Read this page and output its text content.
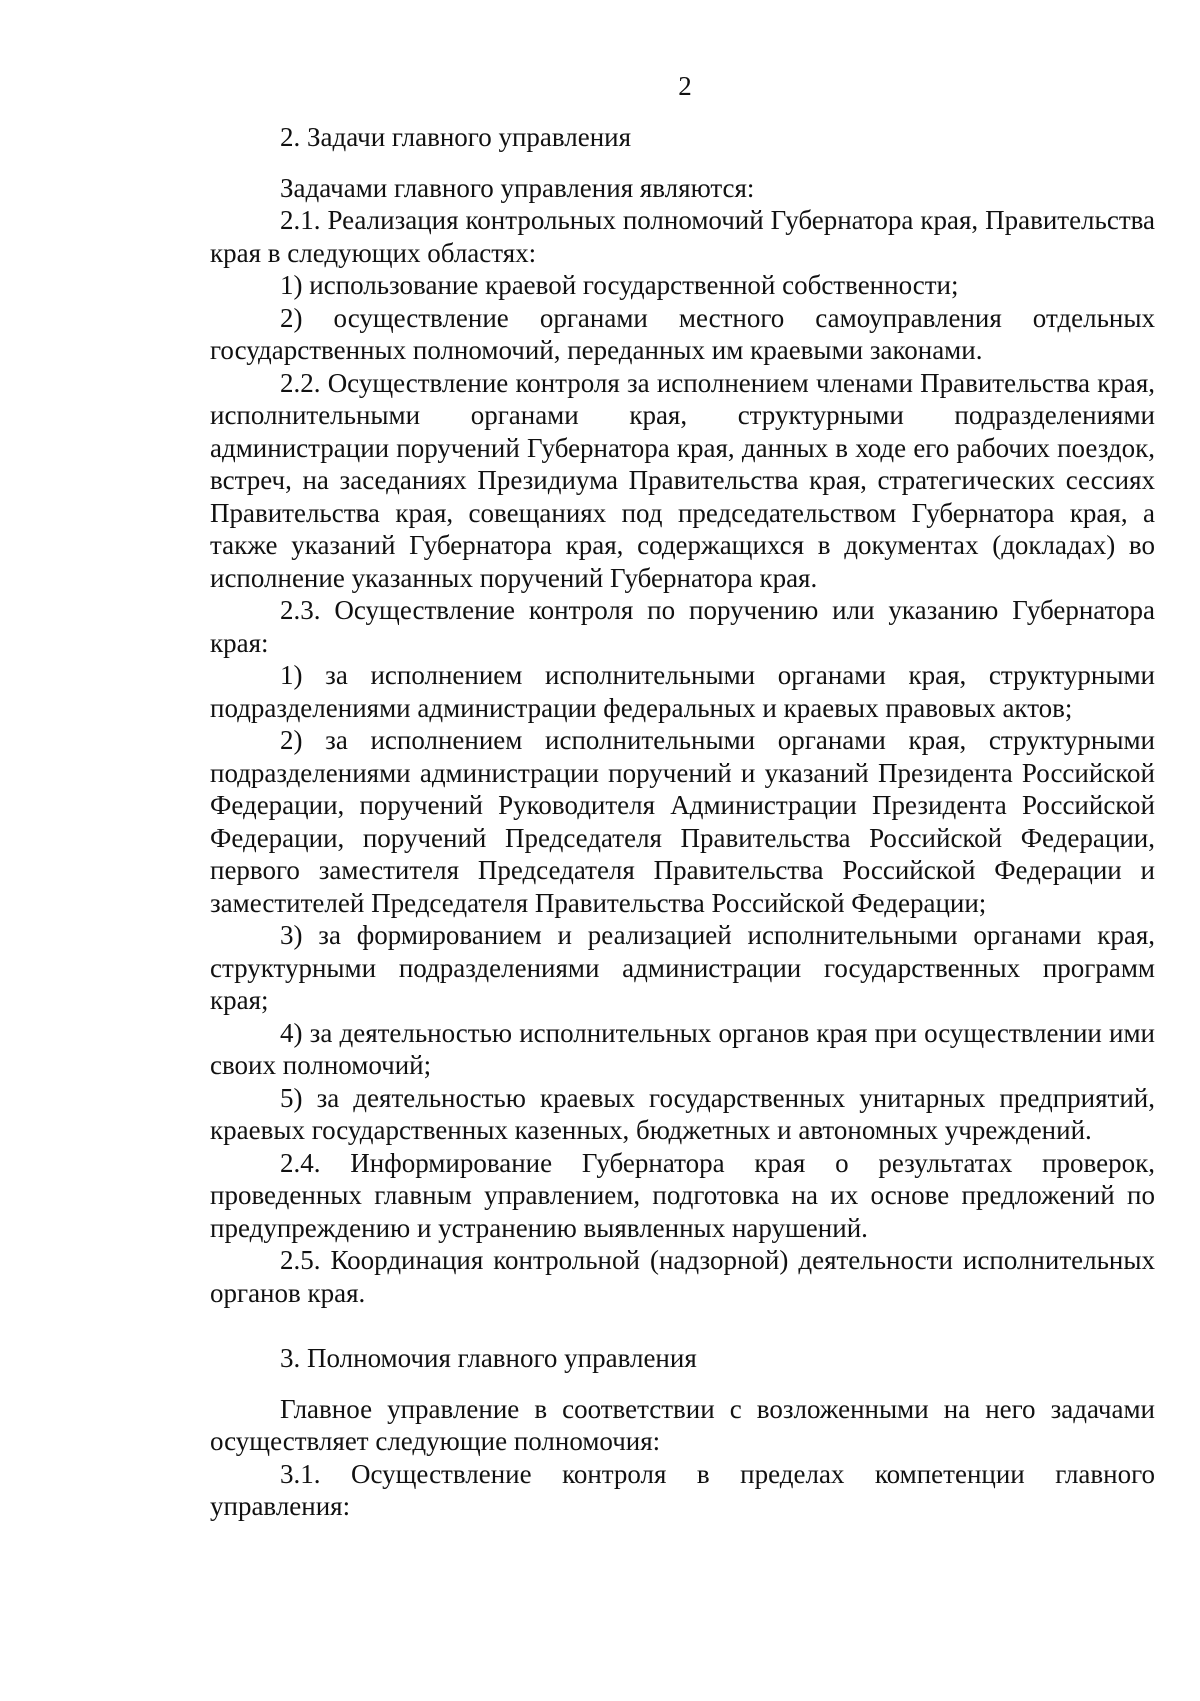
2

2. Задачи главного управления

Задачами главного управления являются:

2.1. Реализация контрольных полномочий Губернатора края, Правительства края в следующих областях:

1) использование краевой государственной собственности;

2) осуществление органами местного самоуправления отдельных государственных полномочий, переданных им краевыми законами.

2.2. Осуществление контроля за исполнением членами Правительства края, исполнительными органами края, структурными подразделениями администрации поручений Губернатора края, данных в ходе его рабочих поездок, встреч, на заседаниях Президиума Правительства края, стратегических сессиях Правительства края, совещаниях под председательством Губернатора края, а также указаний Губернатора края, содержащихся в документах (докладах) во исполнение указанных поручений Губернатора края.

2.3. Осуществление контроля по поручению или указанию Губернатора края:

1) за исполнением исполнительными органами края, структурными подразделениями администрации федеральных и краевых правовых актов;

2) за исполнением исполнительными органами края, структурными подразделениями администрации поручений и указаний Президента Российской Федерации, поручений Руководителя Администрации Президента Российской Федерации, поручений Председателя Правительства Российской Федерации, первого заместителя Председателя Правительства Российской Федерации и заместителей Председателя Правительства Российской Федерации;

3) за формированием и реализацией исполнительными органами края, структурными подразделениями администрации государственных программ края;

4) за деятельностью исполнительных органов края при осуществлении ими своих полномочий;

5) за деятельностью краевых государственных унитарных предприятий, краевых государственных казенных, бюджетных и автономных учреждений.

2.4. Информирование Губернатора края о результатах проверок, проведенных главным управлением, подготовка на их основе предложений по предупреждению и устранению выявленных нарушений.

2.5. Координация контрольной (надзорной) деятельности исполнительных органов края.

3. Полномочия главного управления

Главное управление в соответствии с возложенными на него задачами осуществляет следующие полномочия:

3.1. Осуществление контроля в пределах компетенции главного управления:
